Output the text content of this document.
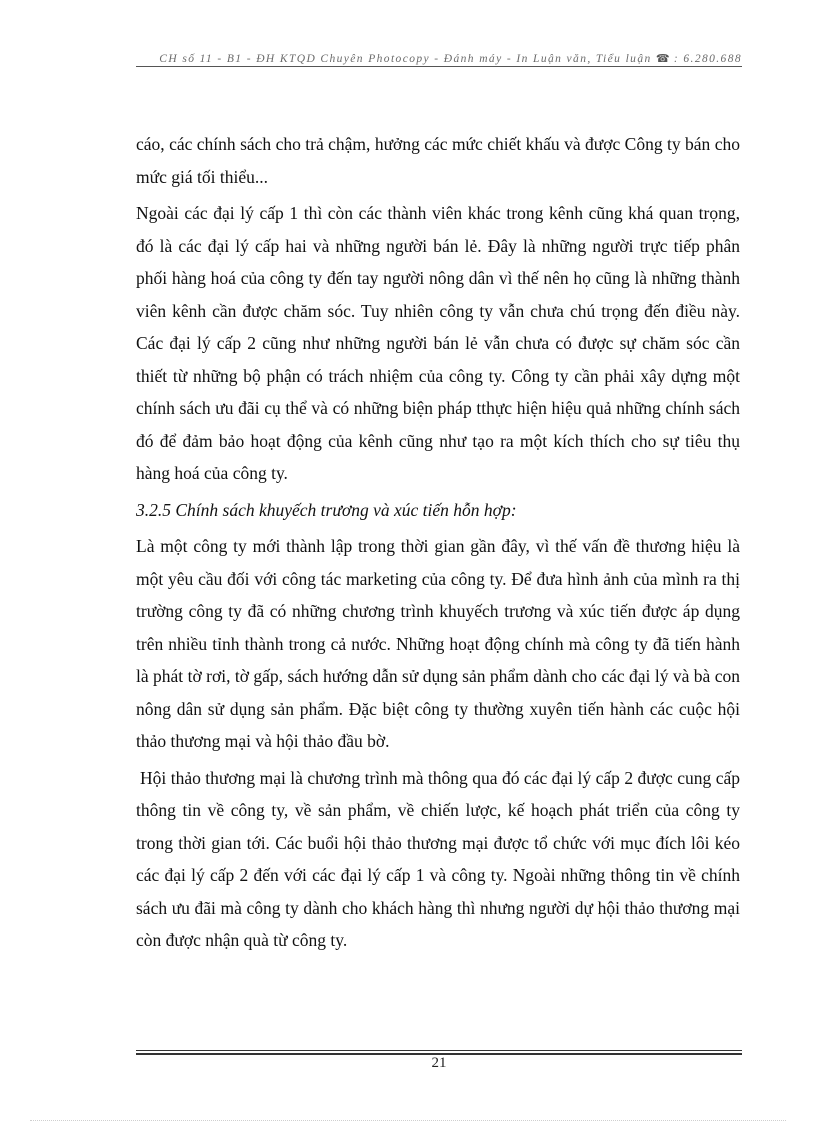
CH số 11 - B1 - ĐH KTQD Chuyên Photocopy - Đánh máy - In Luận văn, Tiểu luận ☎ : 6.280.688

cáo, các chính sách cho trả chậm, hưởng các mức chiết khấu và được Công ty bán cho mức giá tối thiểu...

Ngoài các đại lý cấp 1 thì còn các thành viên khác trong kênh cũng khá quan trọng, đó là các đại lý cấp hai và những người bán lẻ. Đây là những người trực tiếp phân phối hàng hoá của công ty đến tay người nông dân vì thế nên họ cũng là những thành viên kênh cần được chăm sóc. Tuy nhiên công ty vẫn chưa chú trọng đến điều này. Các đại lý cấp 2 cũng như những người bán lẻ vẫn chưa có được sự chăm sóc cần thiết từ những bộ phận có trách nhiệm của công ty. Công ty cần phải xây dựng một chính sách ưu đãi cụ thể và có những biện pháp tthực hiện hiệu quả những chính sách đó để đảm bảo hoạt động của kênh cũng như tạo ra một kích thích cho sự tiêu thụ hàng hoá của công ty.

3.2.5 Chính sách khuyếch trương và xúc tiến hỗn hợp:

Là một công ty mới thành lập trong thời gian gần đây, vì thế vấn đề thương hiệu là một yêu cầu đối với công tác marketing của công ty. Để đưa hình ảnh của mình ra thị trường công ty đã có những chương trình khuyếch trương và xúc tiến được áp dụng trên nhiều tỉnh thành trong cả nước. Những hoạt động chính mà công ty đã tiến hành là phát tờ rơi, tờ gấp, sách hướng dẫn sử dụng sản phẩm dành cho các đại lý và bà con nông dân sử dụng sản phẩm. Đặc biệt công ty thường xuyên tiến hành các cuộc hội thảo thương mại và hội thảo đầu bờ.

Hội thảo thương mại là chương trình mà thông qua đó các đại lý cấp 2 được cung cấp thông tin về công ty, về sản phẩm, về chiến lược, kế hoạch phát triển của công ty trong thời gian tới. Các buổi hội thảo thương mại được tổ chức với mục đích lôi kéo các đại lý cấp 2 đến với các đại lý cấp 1 và công ty. Ngoài những thông tin về chính sách ưu đãi mà công ty dành cho khách hàng thì nhưng người dự hội thảo thương mại còn được nhận quà từ công ty.

21
